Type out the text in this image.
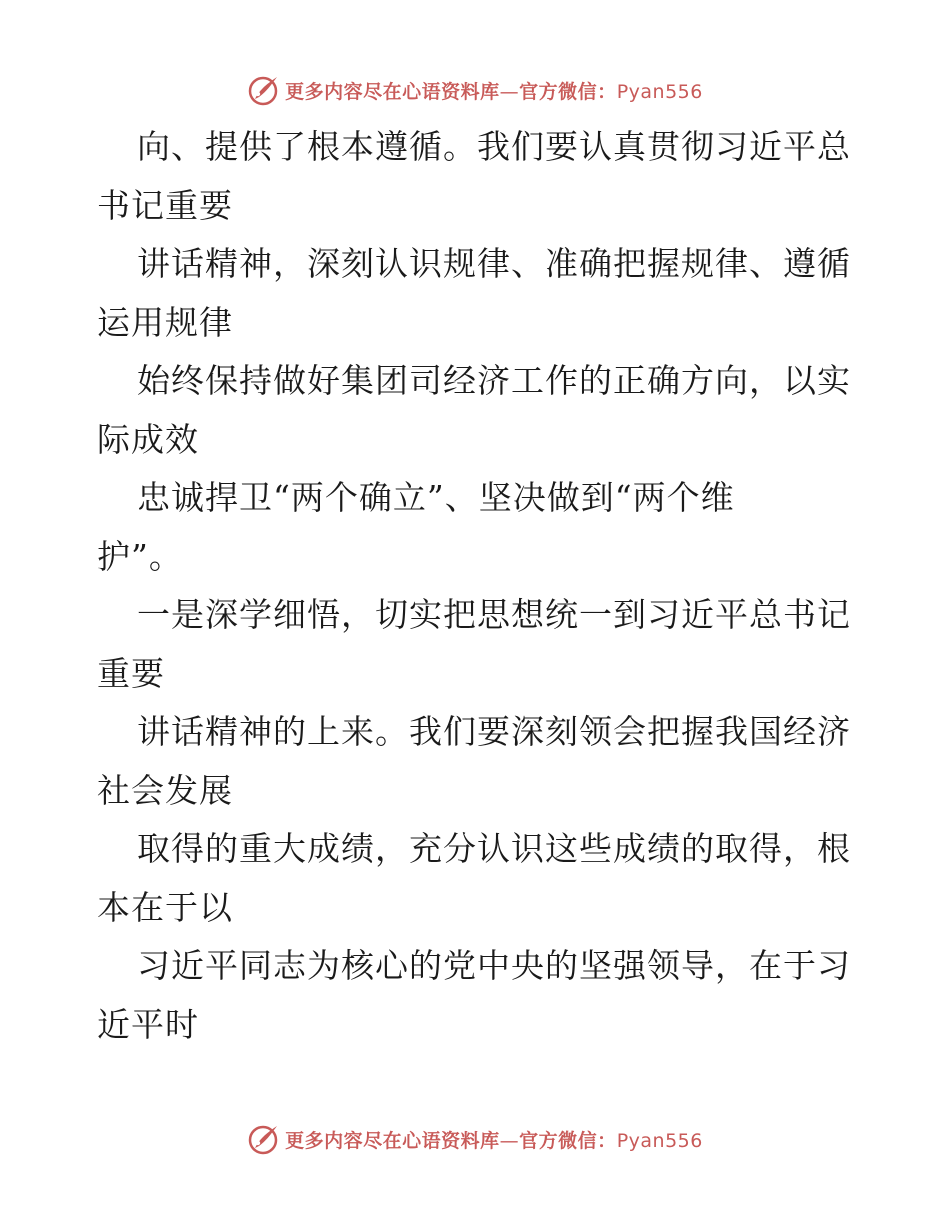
更多内容尽在心语资料库—官方微信：Pyan556
向、提供了根本遵循。我们要认真贯彻习近平总书记重要
讲话精神，深刻认识规律、准确把握规律、遵循运用规律
始终保持做好集团司经济工作的正确方向，以实际成效
忠诚捍卫“两个确立”、坚决做到“两个维
护”。
一是深学细悟，切实把思想统一到习近平总书记重要
讲话精神的上来。我们要深刻领会把握我国经济社会发展
取得的重大成绩，充分认识这些成绩的取得，根本在于以
习近平同志为核心的党中央的坚强领导，在于习近平时
更多内容尽在心语资料库—官方微信：Pyan556
